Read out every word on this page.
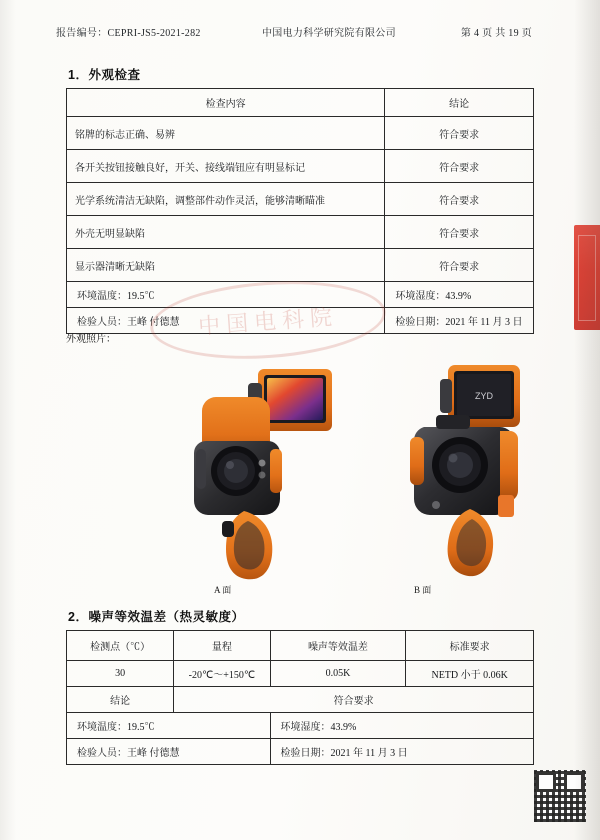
报告编号：CEPRI-JS5-2021-282	中国电力科学研究院有限公司	第 4 页 共 19 页
1．外观检查
检查内容	结论
铭牌的标志正确、易辨	符合要求
各开关按钮接触良好，开关、接线端钮应有明显标记	符合要求
光学系统清洁无缺陷，调整部件动作灵活，能够清晰瞄准	符合要求
外壳无明显缺陷	符合要求
显示器清晰无缺陷	符合要求
环境温度：19.5℃	环境湿度：43.9%
检验人员：王峰 付德慧	检验日期：2021 年 11 月 3 日
外观照片：
ZYD
A 面	B 面
2．噪声等效温差（热灵敏度）
检测点（℃）	量程	噪声等效温差	标准要求
30	-20℃～+150℃	0.05K	NETD 小于 0.06K
结论	符合要求		
环境温度：19.5℃		环境湿度：43.9%	
检验人员：王峰 付德慧		检验日期：2021 年 11 月 3 日	
中国电科院
